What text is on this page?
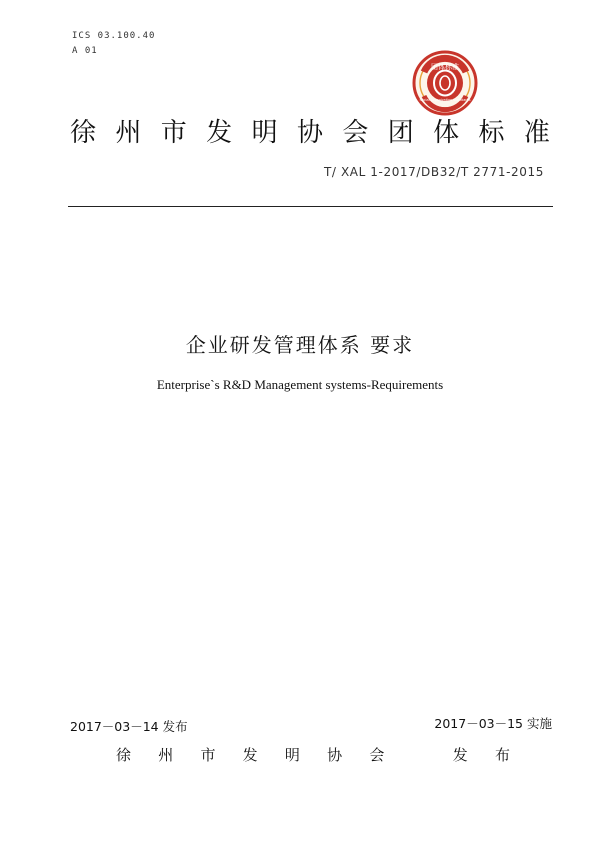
ICS 03.100.40
A 01
团体标准
Social Organization Standards
徐 州 市 发 明 协 会 团 体 标 准
T/ XAL 1-2017/DB32/T 2771-2015
企业研发管理体系 要求
Enterprise`s R&D Management systems-Requirements
2017－03－14 发布	2017－03－15 实施
徐 州 市 发 明 协 会	发 布
